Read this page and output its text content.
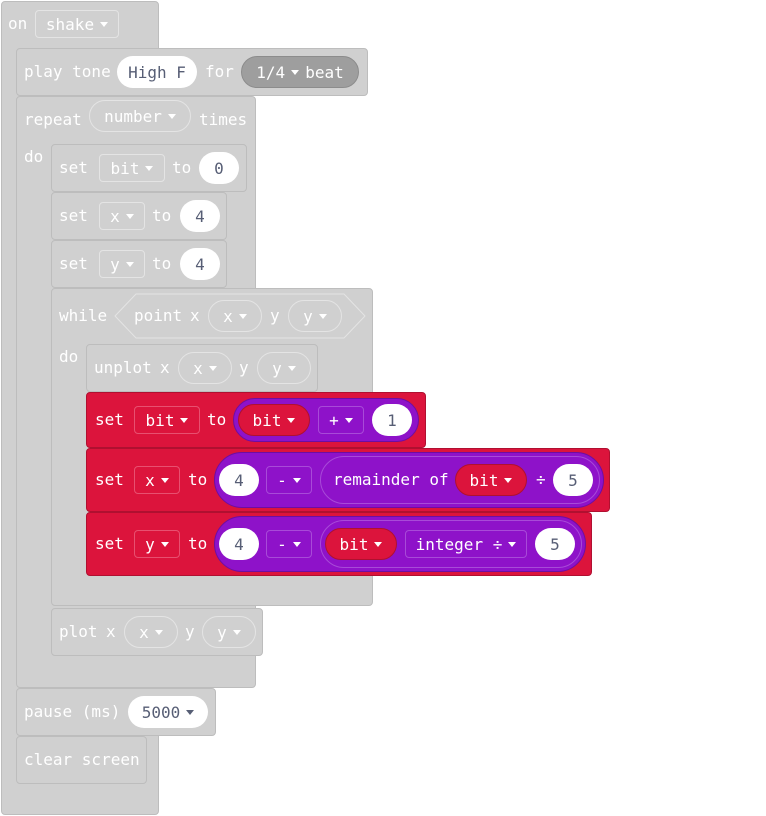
on shake
play tone High F for 1/4 beat
repeat number times
do
set bit to 0
set x to 4
set y to 4
while point x x y y
do
unplot x x y y
set bit to bit	+	1
set x to 4 -	remainder of bit ÷ 5
set y to 4 -	bit	integer ÷	5
plot x x y y
pause (ms) 5000
clear screen
